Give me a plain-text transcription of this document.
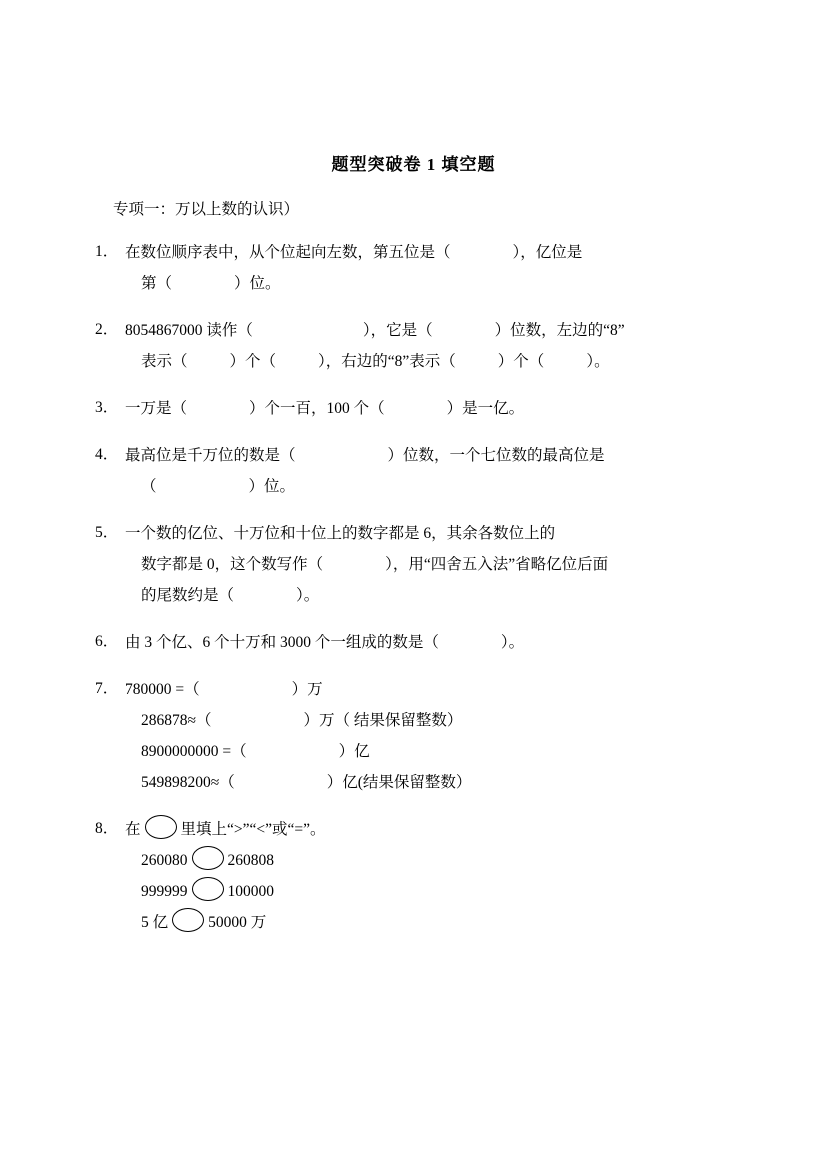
题型突破卷 1 填空题
专项一：万以上数的认识）
1． 在数位顺序表中，从个位起向左数，第五位是（	），亿位是
第（	）位。
2． 8054867000 读作（	），它是（	）位数，左边的“8”
表示（	）个（	），右边的“8”表示（	）个（	）。
3． 一万是（	）个一百，100 个（	）是一亿。
4． 最高位是千万位的数是（	）位数，一个七位数的最高位是
（	）位。
5． 一个数的亿位、十万位和十位上的数字都是 6，其余各数位上的
数字都是 0，这个数写作（	），用“四舍五入法”省略亿位后面
的尾数约是（	）。
6． 由 3 个亿、6 个十万和 3000 个一组成的数是（	）。
7． 780000 =（	）万
286878≈（	）万（ 结果保留整数）
8900000000 =（	）亿
549898200≈（	）亿(结果保留整数）
8． 在	里填上“>”“<”或“=”。
260080	260808
999999	100000
5 亿	50000 万
